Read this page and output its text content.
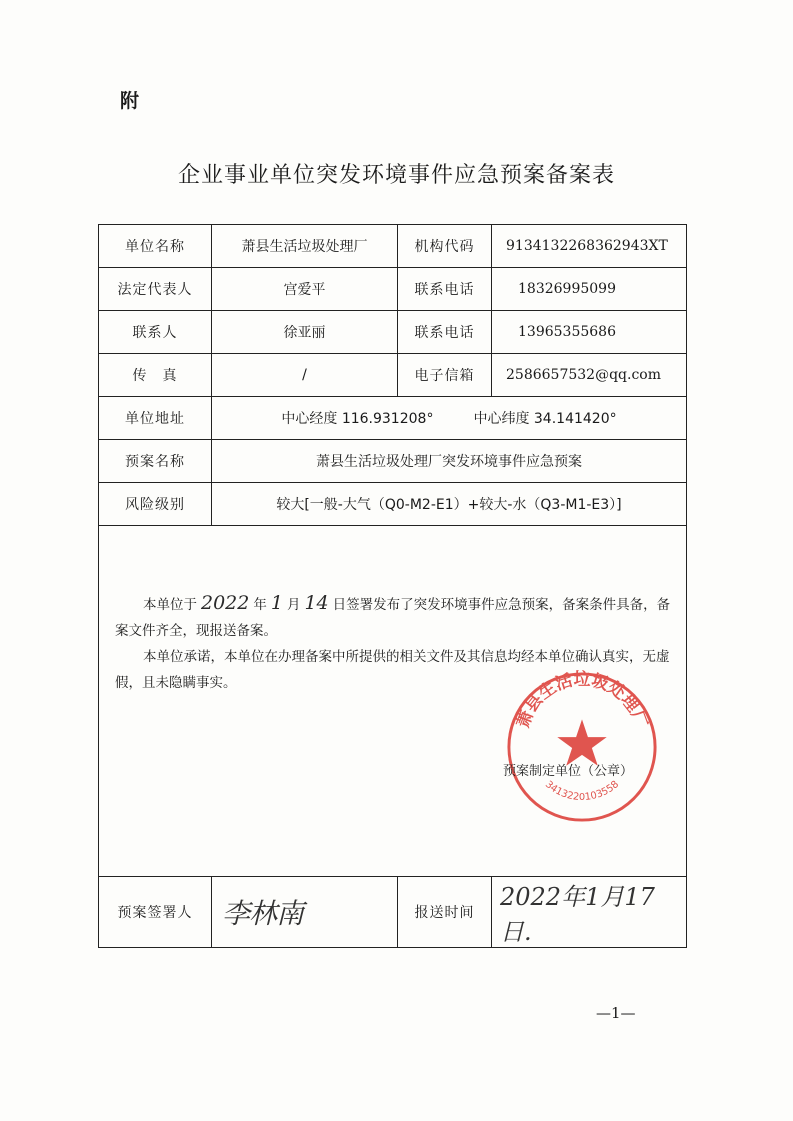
附
企业事业单位突发环境事件应急预案备案表
单位名称	萧县生活垃圾处理厂	机构代码	9134132268362943XT
法定代表人	宫爱平	联系电话	18326995099
联系人	徐亚丽	联系电话	13965355686
传　真	/	电子信箱	2586657532@qq.com
单位地址	中心经度 116.931208° 中心纬度 34.141420°		
预案名称	萧县生活垃圾处理厂突发环境事件应急预案		
风险级别	较大[一般-大气（Q0-M2-E1）+较大-水（Q3-M1-E3）]		

本单位于 2022 年 1 月 14 日签署发布了突发环境事件应急预案，备案条件具备，备案文件齐全，现报送备案。

本单位承诺，本单位在办理备案中所提供的相关文件及其信息均经本单位确认真实，无虚假，且未隐瞒事实。

萧县生活垃圾处理厂
3413220103558
预案制定单位（公章）			

预案签署人	李林南	报送时间	2022年1月17日.
—1—
